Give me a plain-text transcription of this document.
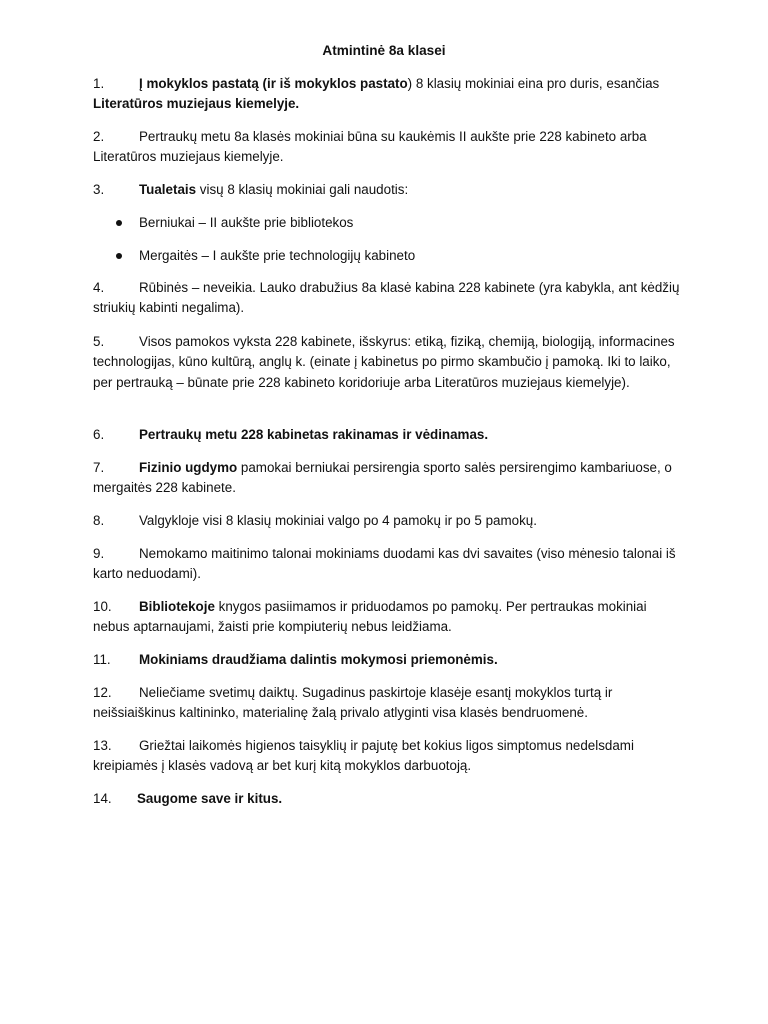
Atmintinė 8a klasei
1.	Į mokyklos pastatą (ir iš mokyklos pastato) 8 klasių mokiniai eina pro duris, esančias Literatūros muziejaus kiemelyje.
2.	Pertraukų metu 8a klasės mokiniai būna su kaukėmis II aukšte prie 228 kabineto arba Literatūros muziejaus kiemelyje.
3.	Tualetais visų 8 klasių mokiniai gali naudotis:
Berniukai – II aukšte prie bibliotekos
Mergaitės – I aukšte prie technologijų kabineto
4.	Rūbinės – neveikia. Lauko drabužius 8a klasė kabina 228 kabinete (yra kabykla, ant kėdžių striukių kabinti negalima).
5.	Visos pamokos vyksta 228 kabinete, išskyrus: etiką, fiziką, chemiją, biologiją, informacines technologijas, kūno kultūrą, anglų k. (einate į kabinetus po pirmo skambučio į pamoką. Iki to laiko, per pertrauką – būnate prie 228 kabineto koridoriuje arba Literatūros muziejaus kiemelyje).
6.	Pertraukų metu 228 kabinetas rakinamas ir vėdinamas.
7.	Fizinio ugdymo pamokai berniukai persirengia sporto salės persirengimo kambariuose, o mergaitės 228 kabinete.
8.	Valgykloje visi 8 klasių mokiniai valgo po 4 pamokų ir po 5 pamokų.
9.	Nemokamo maitinimo talonai mokiniams duodami kas dvi savaites (viso mėnesio talonai iš karto neduodami).
10. Bibliotekoje knygos pasiimamos ir priduodamos po pamokų. Per pertraukas mokiniai nebus aptarnaujami, žaisti prie kompiuterių nebus leidžiama.
11. Mokiniams draudžiama dalintis mokymosi priemonėmis.
12. Neliečiame svetimų daiktų. Sugadinus paskirtoje klasėje esantį mokyklos turtą ir neišsiaiškinus kaltininko, materialinę žalą privalo atlyginti visa klasės bendruomenė.
13. Griežtai laikomės higienos taisyklių ir pajutę bet kokius ligos simptomus nedelsdami kreipiamės į klasės vadovą ar bet kurį kitą mokyklos darbuotoją.
14. Saugome save ir kitus.
